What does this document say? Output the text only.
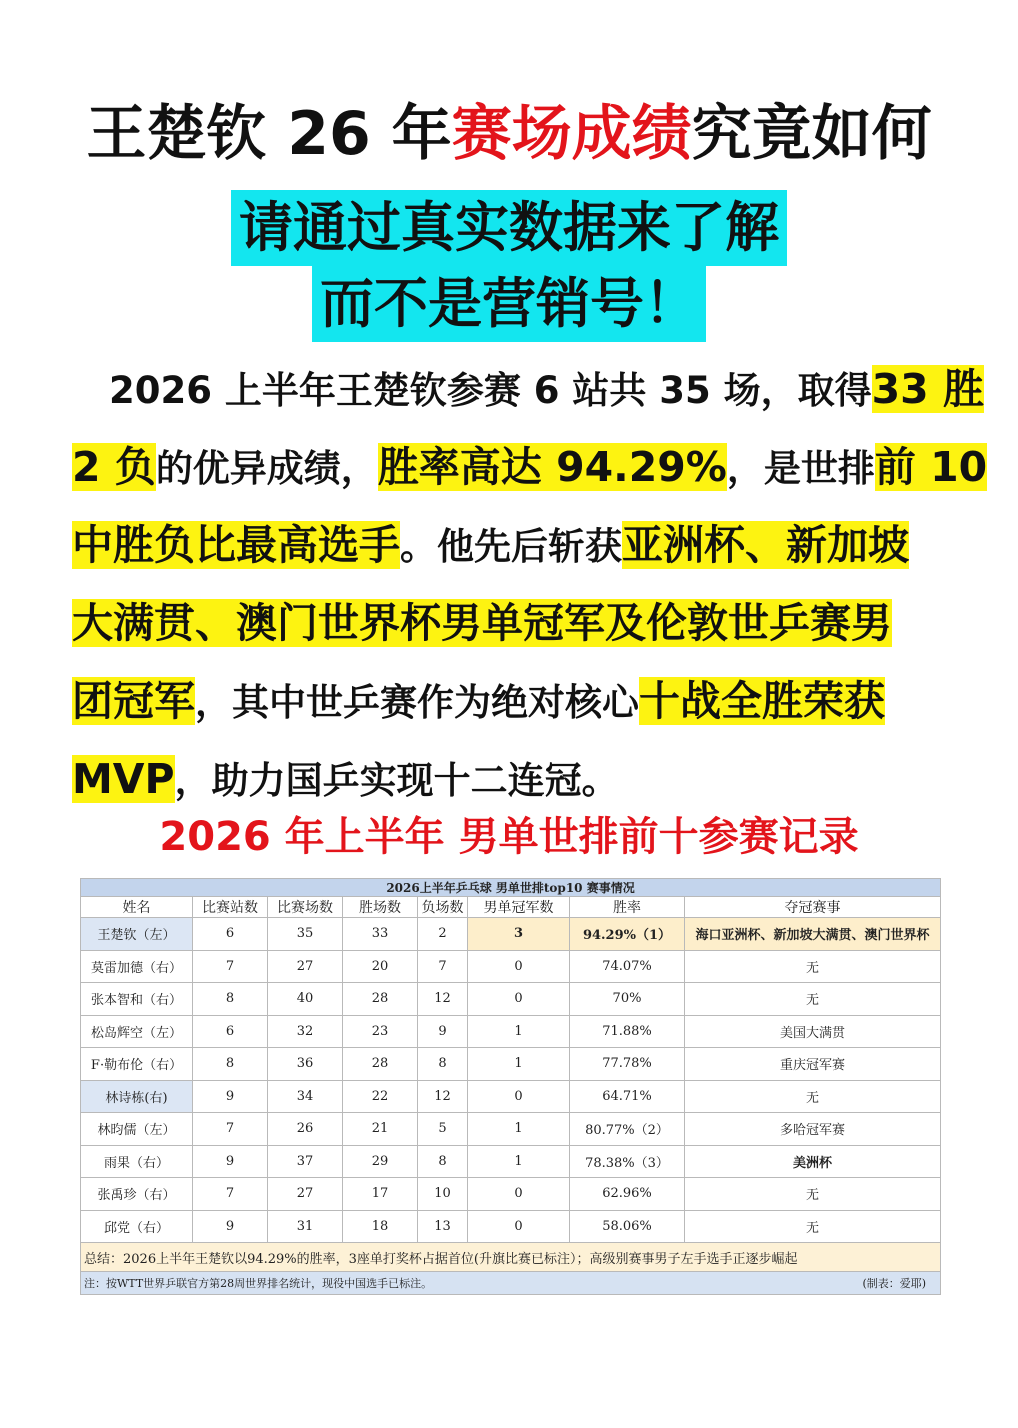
王楚钦 26 年赛场成绩究竟如何
请通过真实数据来了解
而不是营销号！
　2026 上半年王楚钦参赛 6 站共 35 场，取得33 胜
2 负的优异成绩，胜率高达 94.29%，是世排前 10
中胜负比最高选手。他先后斩获亚洲杯、新加坡
大满贯、澳门世界杯男单冠军及伦敦世乒赛男
团冠军，其中世乒赛作为绝对核心十战全胜荣获
MVP，助力国乒实现十二连冠。
2026 年上半年 男单世排前十参赛记录
2026上半年乒乓球 男单世排top10 赛事情况							
姓名	比赛站数	比赛场数	胜场数	负场数	男单冠军数	胜率	夺冠赛事
王楚钦（左）	6	35	33	2	3	94.29%（1）	海口亚洲杯、新加坡大满贯、澳门世界杯
莫雷加德（右）	7	27	20	7	0	74.07%	无
张本智和（右）	8	40	28	12	0	70%	无
松岛辉空（左）	6	32	23	9	1	71.88%	美国大满贯
F·勒布伦（右）	8	36	28	8	1	77.78%	重庆冠军赛
林诗栋(右)	9	34	22	12	0	64.71%	无
林昀儒（左）	7	26	21	5	1	80.77%（2）	多哈冠军赛
雨果（右）	9	37	29	8	1	78.38%（3）	美洲杯
张禹珍（右）	7	27	17	10	0	62.96%	无
邱党（右）	9	31	18	13	0	58.06%	无
总结：2026上半年王楚钦以94.29%的胜率，3座单打奖杯占据首位(升旗比赛已标注）；高级别赛事男子左手选手正逐步崛起							

注：按WTT世界乒联官方第28周世界排名统计，现役中国选手已标注。 (制表：爱耶)							
